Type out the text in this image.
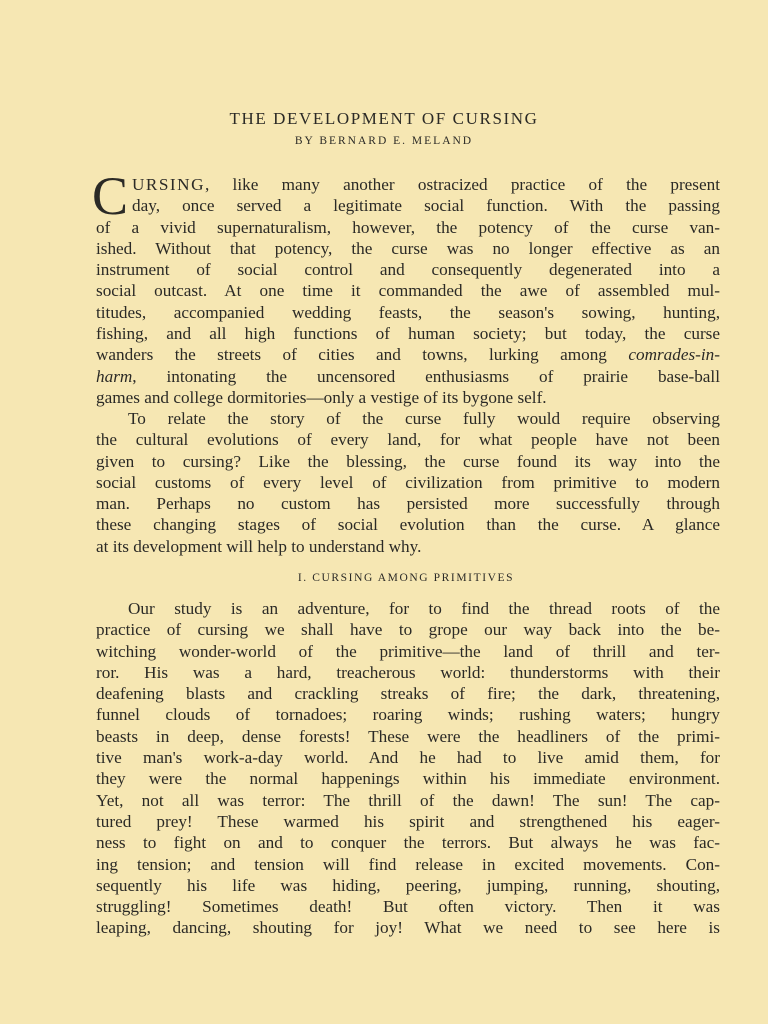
THE DEVELOPMENT OF CURSING
BY BERNARD E. MELAND
C URSING, like many another ostracized practice of the present
day, once served a legitimate social function. With the passing
of a vivid supernaturalism, however, the potency of the curse van-
ished. Without that potency, the curse was no longer effective as an
instrument of social control and consequently degenerated into a
social outcast. At one time it commanded the awe of assembled mul-
titudes, accompanied wedding feasts, the season's sowing, hunting,
fishing, and all high functions of human society; but today, the curse
wanders the streets of cities and towns, lurking among comrades-in-
harm, intonating the uncensored enthusiasms of prairie base-ball
games and college dormitories—only a vestige of its bygone self.
To relate the story of the curse fully would require observing
the cultural evolutions of every land, for what people have not been
given to cursing? Like the blessing, the curse found its way into the
social customs of every level of civilization from primitive to modern
man. Perhaps no custom has persisted more successfully through
these changing stages of social evolution than the curse. A glance
at its development will help to understand why.
I. CURSING AMONG PRIMITIVES
Our study is an adventure, for to find the thread roots of the
practice of cursing we shall have to grope our way back into the be-
witching wonder-world of the primitive—the land of thrill and ter-
ror. His was a hard, treacherous world: thunderstorms with their
deafening blasts and crackling streaks of fire; the dark, threatening,
funnel clouds of tornadoes; roaring winds; rushing waters; hungry
beasts in deep, dense forests! These were the headliners of the primi-
tive man's work-a-day world. And he had to live amid them, for
they were the normal happenings within his immediate environment.
Yet, not all was terror: The thrill of the dawn! The sun! The cap-
tured prey! These warmed his spirit and strengthened his eager-
ness to fight on and to conquer the terrors. But always he was fac-
ing tension; and tension will find release in excited movements. Con-
sequently his life was hiding, peering, jumping, running, shouting,
struggling! Sometimes death! But often victory. Then it was
leaping, dancing, shouting for joy! What we need to see here is
